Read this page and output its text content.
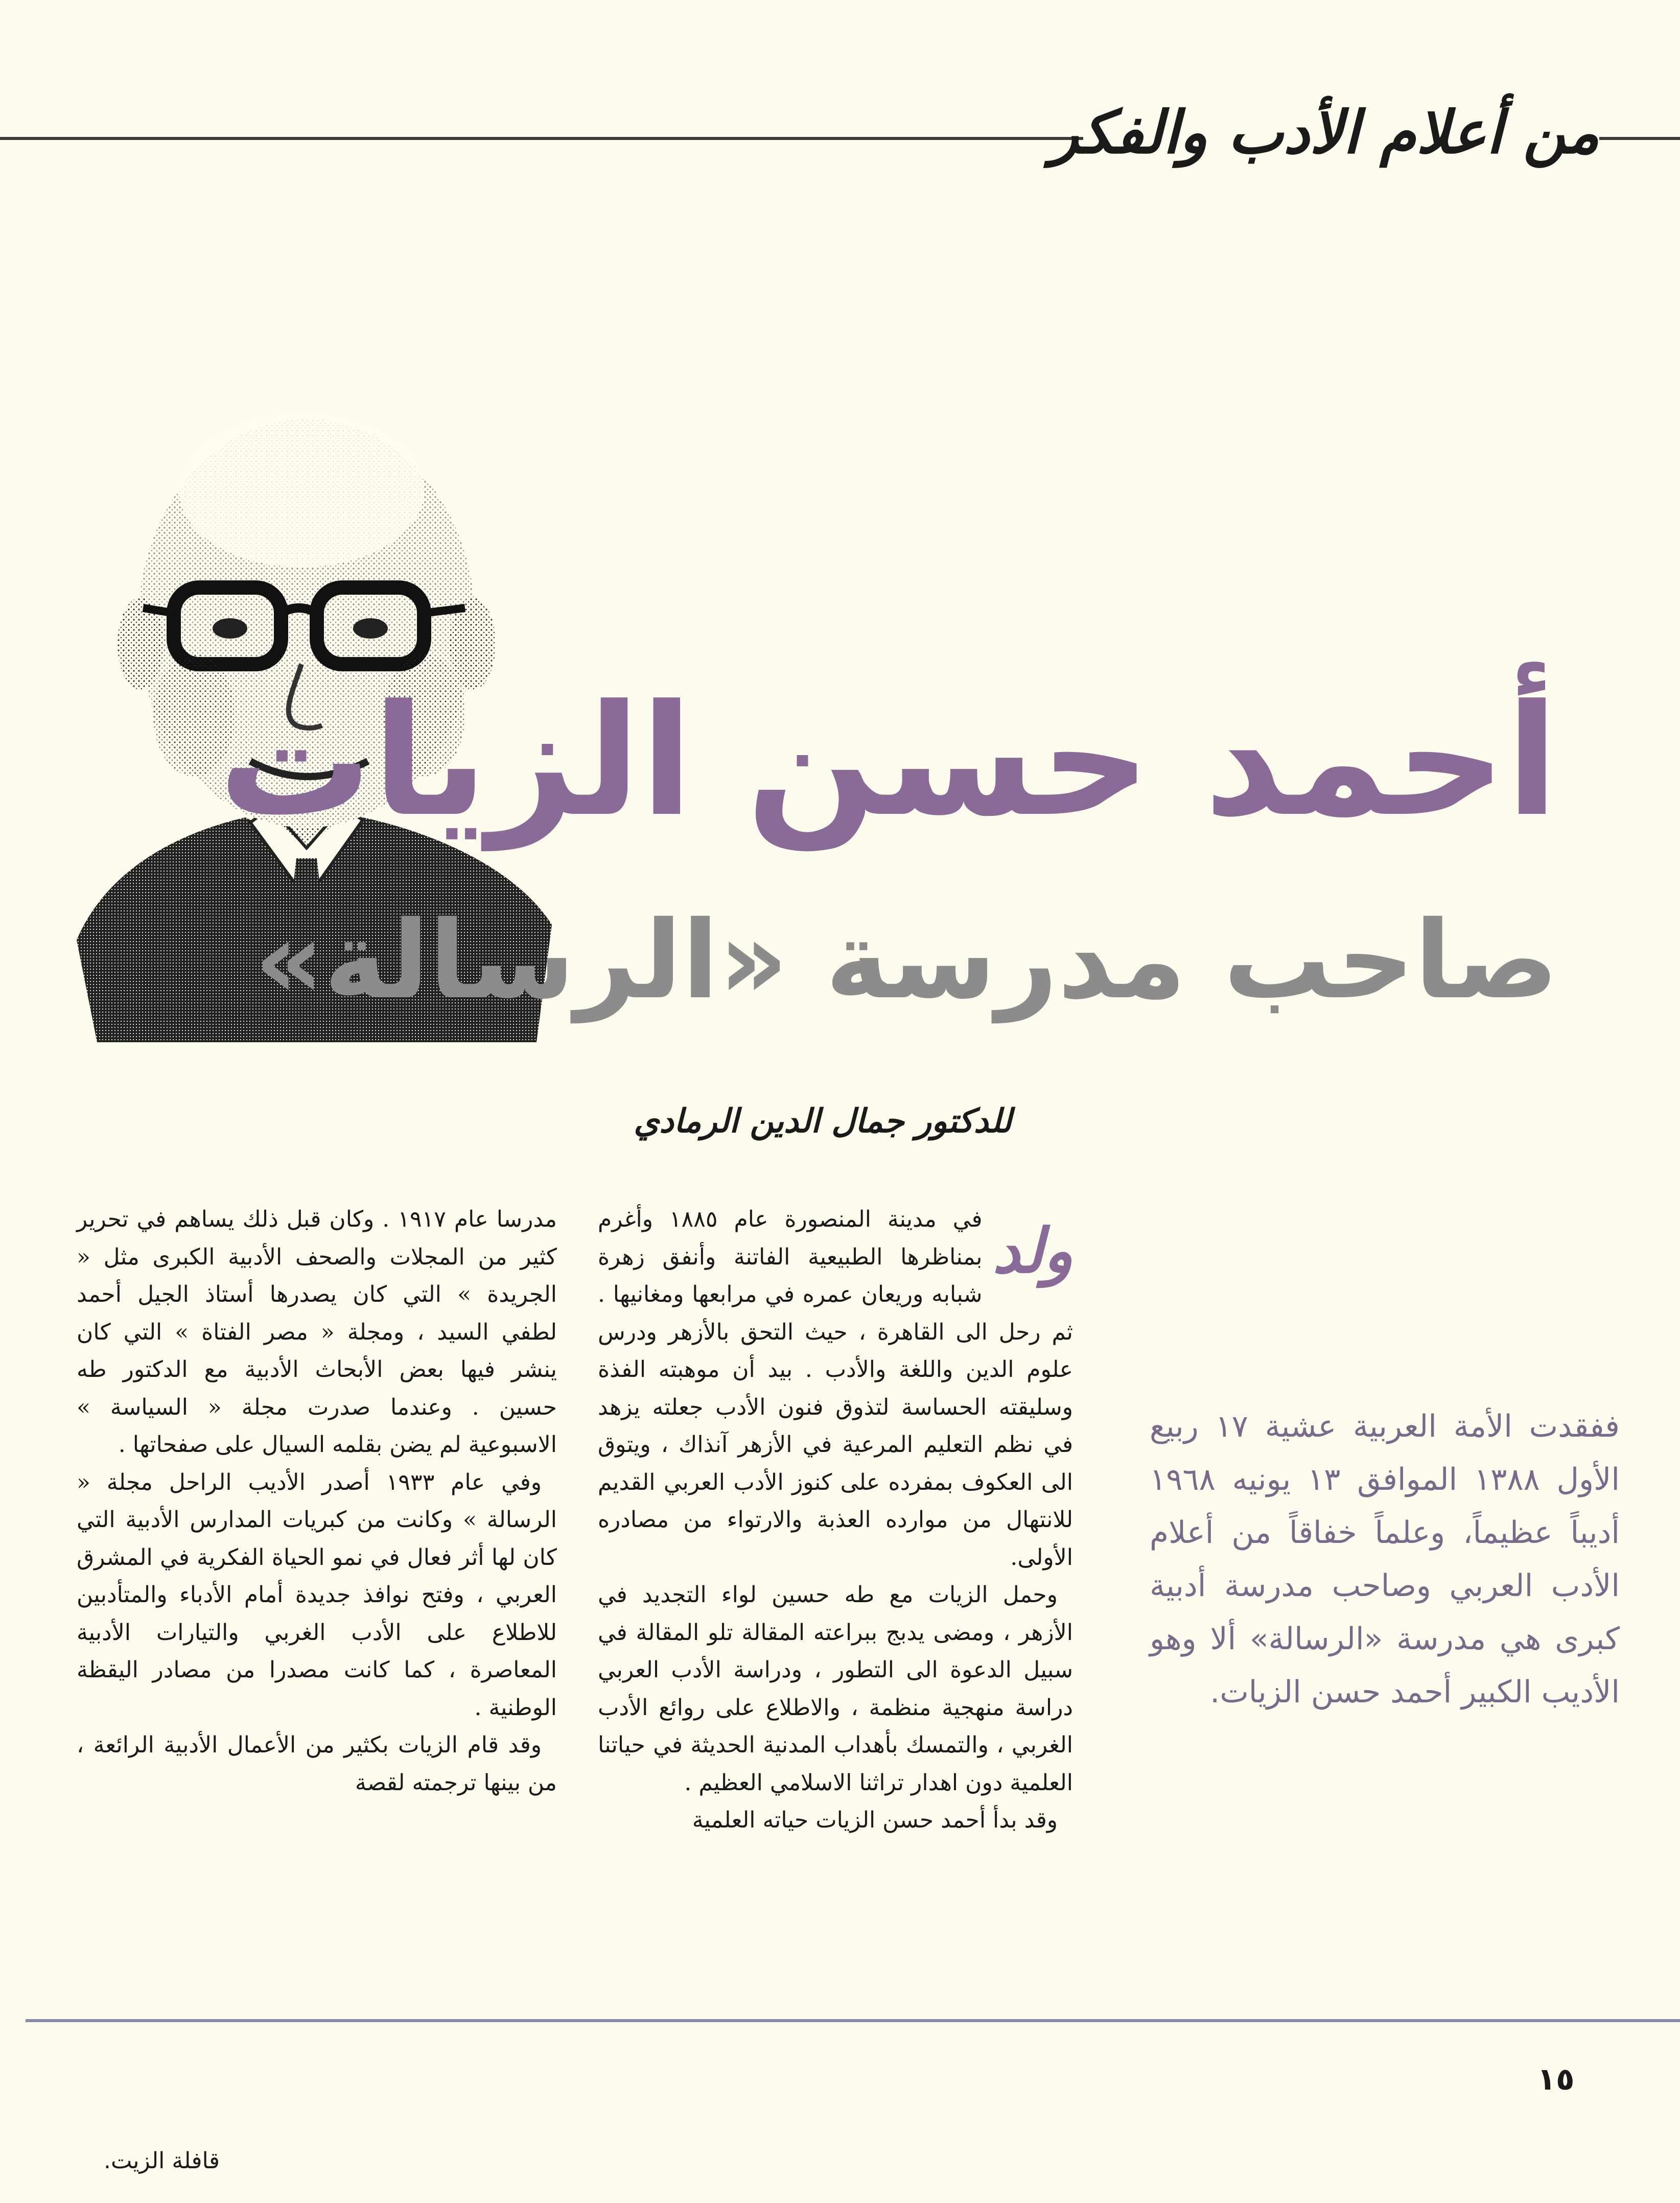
من أعلام الأدب والفكر
أحمد حسن الزيات
صاحب مدرسة «الرسالة»
للدكتور جمال الدين الرمادي
ففقدت الأمة العربية عشية ١٧ ربيع الأول ١٣٨٨ الموافق ١٣ يونيه ١٩٦٨ أديباً عظيماً، وعلماً خفاقاً من أعلام الأدب العربي وصاحب مدرسة أدبية كبرى هي مدرسة «الرسالة» ألا وهو الأديب الكبير أحمد حسن الزيات.
ولد

في مدينة المنصورة عام ١٨٨٥ وأغرم بمناظرها الطبيعية الفاتنة وأنفق زهرة شبابه وريعان عمره في مرابعها ومغانيها . ثم رحل الى القاهرة ، حيث التحق بالأزهر ودرس علوم الدين واللغة والأدب . بيد أن موهبته الفذة وسليقته الحساسة لتذوق فنون الأدب جعلته يزهد في نظم التعليم المرعية في الأزهر آنذاك ، ويتوق الى العكوف بمفرده على كنوز الأدب العربي القديم للانتهال من موارده العذبة والارتواء من مصادره الأولى.

وحمل الزيات مع طه حسين لواء التجديد في الأزهر ، ومضى يدبج ببراعته المقالة تلو المقالة في سبيل الدعوة الى التطور ، ودراسة الأدب العربي دراسة منهجية منظمة ، والاطلاع على روائع الأدب الغربي ، والتمسك بأهداب المدنية الحديثة في حياتنا العلمية دون اهدار تراثنا الاسلامي العظيم .

وقد بدأ أحمد حسن الزيات حياته العلمية

مدرسا عام ١٩١٧ . وكان قبل ذلك يساهم في تحرير كثير من المجلات والصحف الأدبية الكبرى مثل « الجريدة » التي كان يصدرها أستاذ الجيل أحمد لطفي السيد ، ومجلة « مصر الفتاة » التي كان ينشر فيها بعض الأبحاث الأدبية مع الدكتور طه حسين . وعندما صدرت مجلة « السياسة » الاسبوعية لم يضن بقلمه السيال على صفحاتها .

وفي عام ١٩٣٣ أصدر الأديب الراحل مجلة « الرسالة » وكانت من كبريات المدارس الأدبية التي كان لها أثر فعال في نمو الحياة الفكرية في المشرق العربي ، وفتح نوافذ جديدة أمام الأدباء والمتأدبين للاطلاع على الأدب الغربي والتيارات الأدبية المعاصرة ، كما كانت مصدرا من مصادر اليقظة الوطنية .

وقد قام الزيات بكثير من الأعمال الأدبية الرائعة ، من بينها ترجمته لقصة

١٥
قافلة الزيت.
